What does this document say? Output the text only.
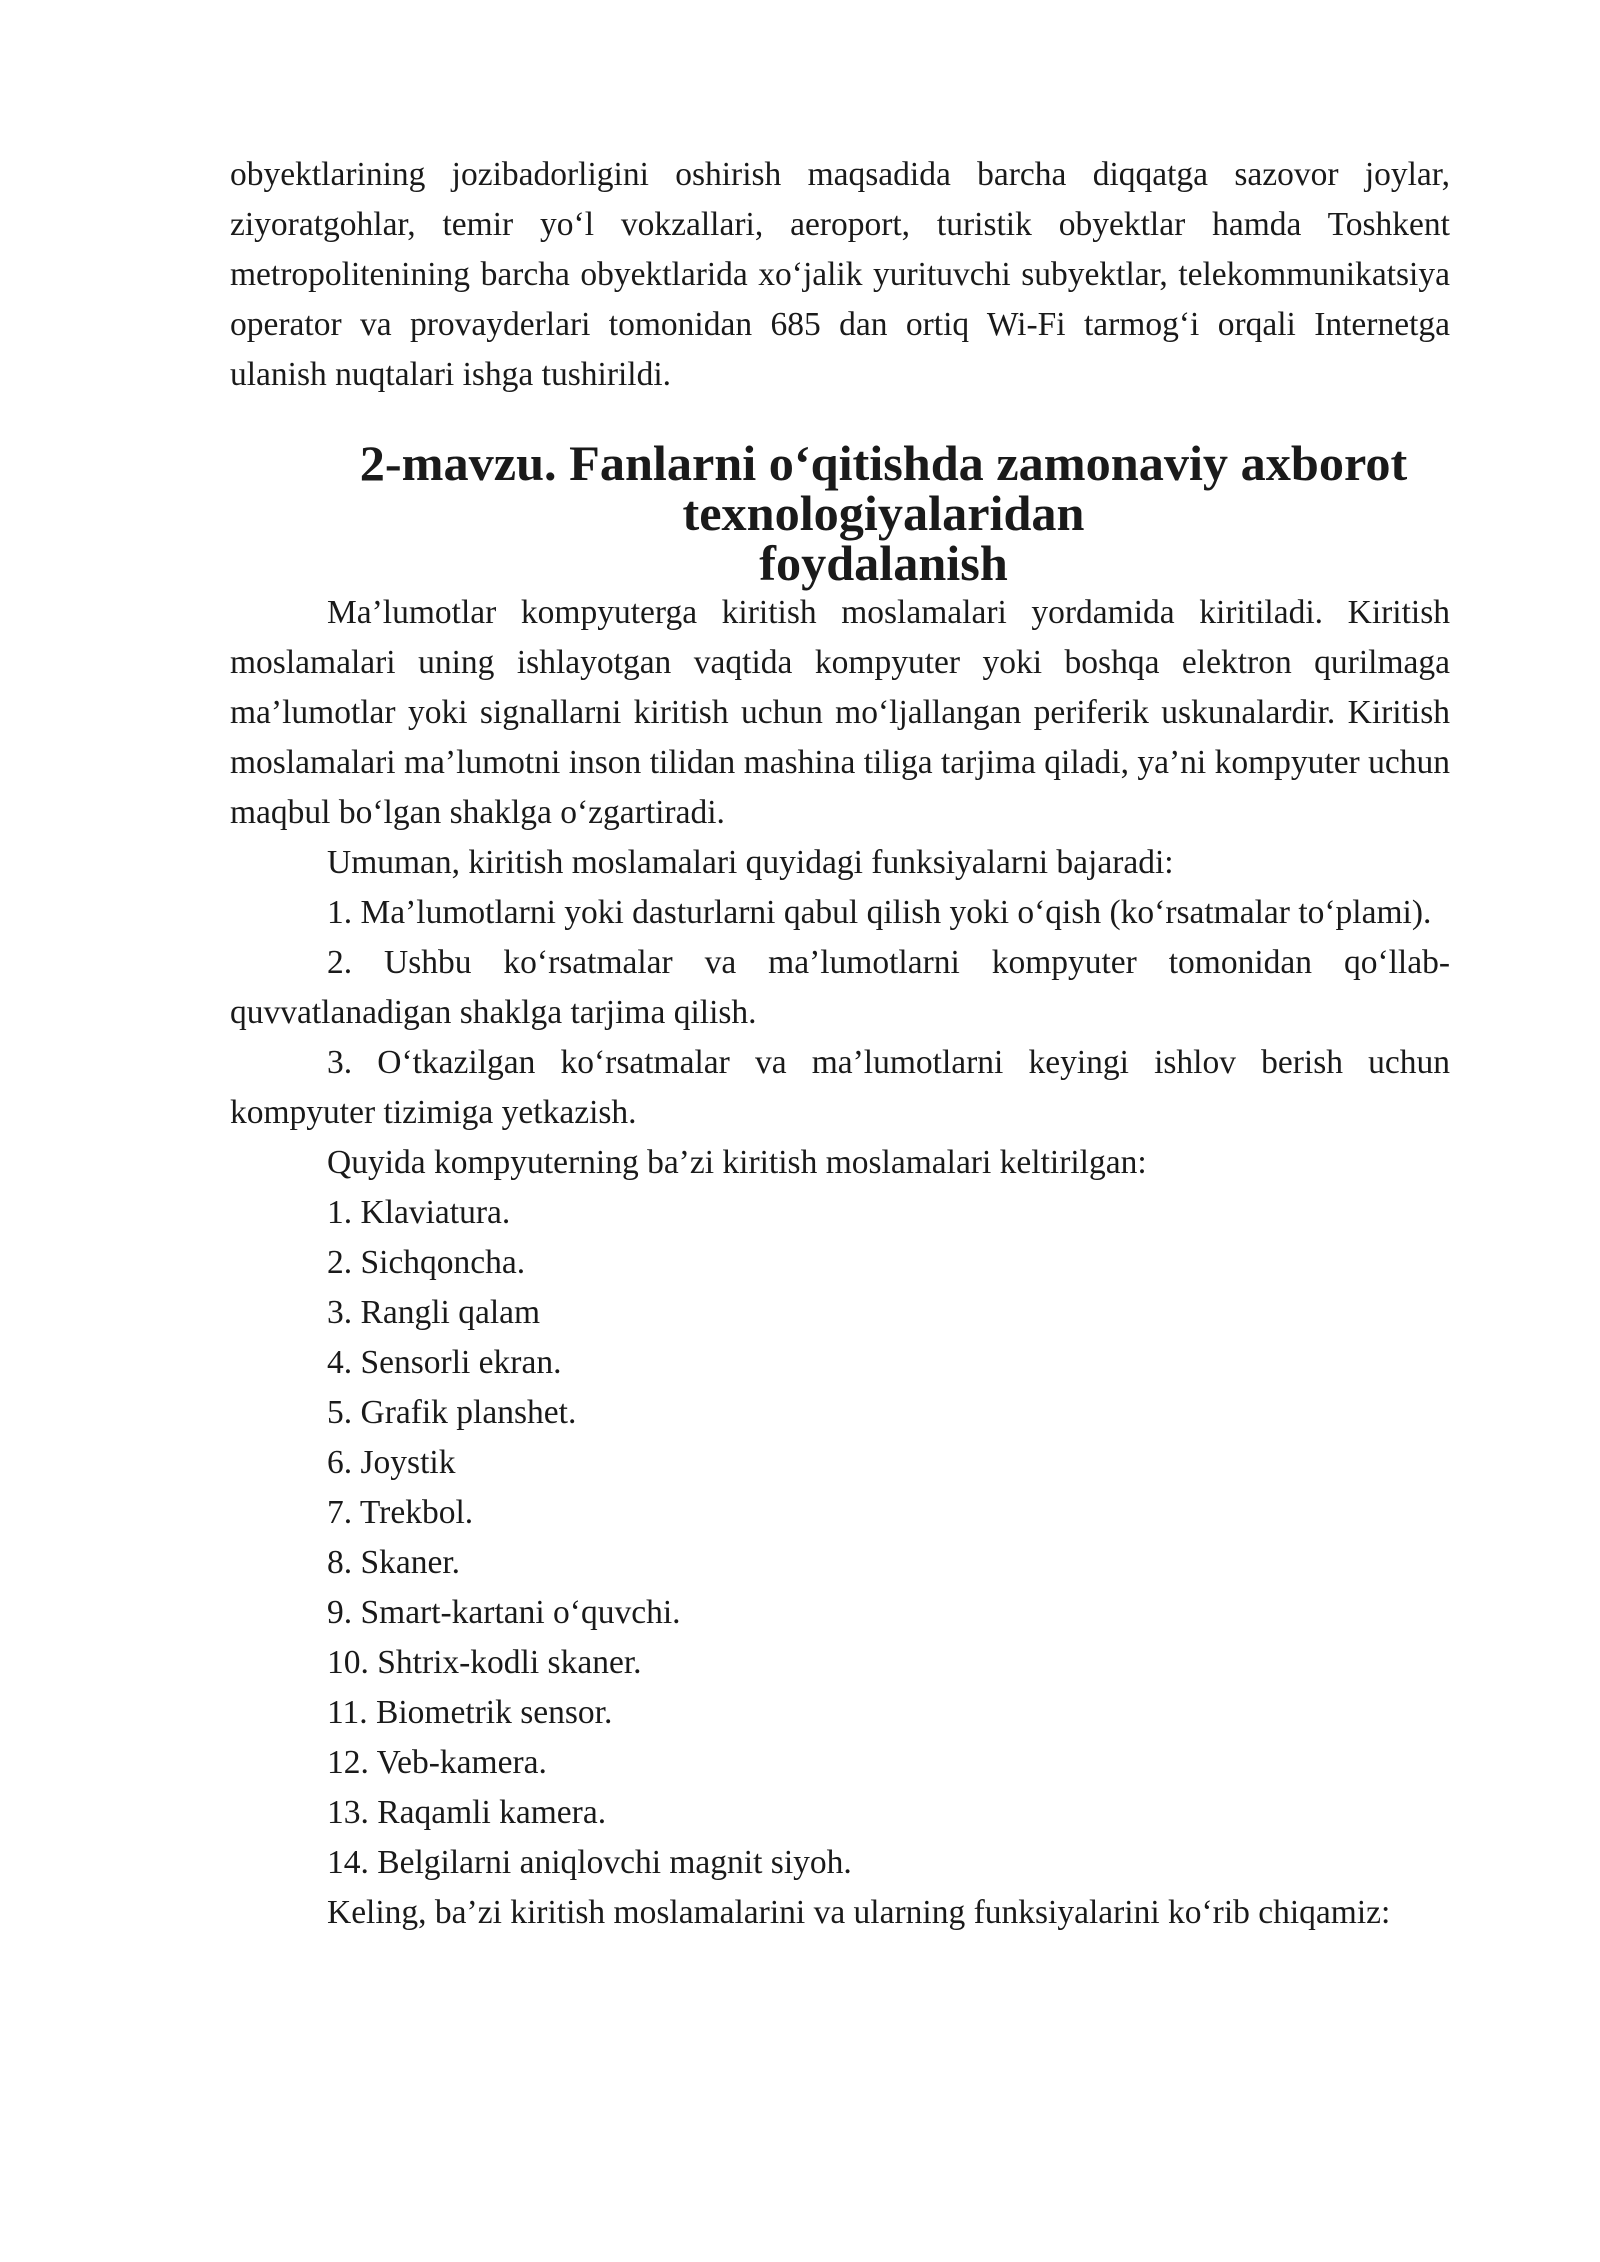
obyektlarining jozibadorligini oshirish maqsadida barcha diqqatga sazovor joylar, ziyoratgohlar, temir yo‘l vokzallari, aeroport, turistik obyektlar hamda Toshkent metropolitenining barcha obyektlarida xo‘jalik yurituvchi subyektlar, telekommunikatsiya operator va provayderlari tomonidan 685 dan ortiq Wi-Fi tarmog‘i orqali Internetga ulanish nuqtalari ishga tushirildi.

2-mavzu. Fanlarni o‘qitishda zamonaviy axborot texnologiyalaridan
foydalanish

Ma’lumotlar kompyuterga kiritish moslamalari yordamida kiritiladi. Kiritish moslamalari uning ishlayotgan vaqtida kompyuter yoki boshqa elektron qurilmaga ma’lumotlar yoki signallarni kiritish uchun mo‘ljallangan periferik uskunalardir. Kiritish moslamalari ma’lumotni inson tilidan mashina tiliga tarjima qiladi, ya’ni kompyuter uchun maqbul bo‘lgan shaklga o‘zgartiradi.

Umuman, kiritish moslamalari quyidagi funksiyalarni bajaradi:

1. Ma’lumotlarni yoki dasturlarni qabul qilish yoki o‘qish (ko‘rsatmalar to‘plami).

2. Ushbu ko‘rsatmalar va ma’lumotlarni kompyuter tomonidan qo‘llab-quvvatlanadigan shaklga tarjima qilish.

3. O‘tkazilgan ko‘rsatmalar va ma’lumotlarni keyingi ishlov berish uchun kompyuter tizimiga yetkazish.

Quyida kompyuterning ba’zi kiritish moslamalari keltirilgan:

1. Klaviatura.
2. Sichqoncha.
3. Rangli qalam
4. Sensorli ekran.
5. Grafik planshet.
6. Joystik
7. Trekbol.
8. Skaner.
9. Smart-kartani o‘quvchi.
10. Shtrix-kodli skaner.
11. Biometrik sensor.
12. Veb-kamera.
13. Raqamli kamera.
14. Belgilarni aniqlovchi magnit siyoh.

Keling, ba’zi kiritish moslamalarini va ularning funksiyalarini ko‘rib chiqamiz:
